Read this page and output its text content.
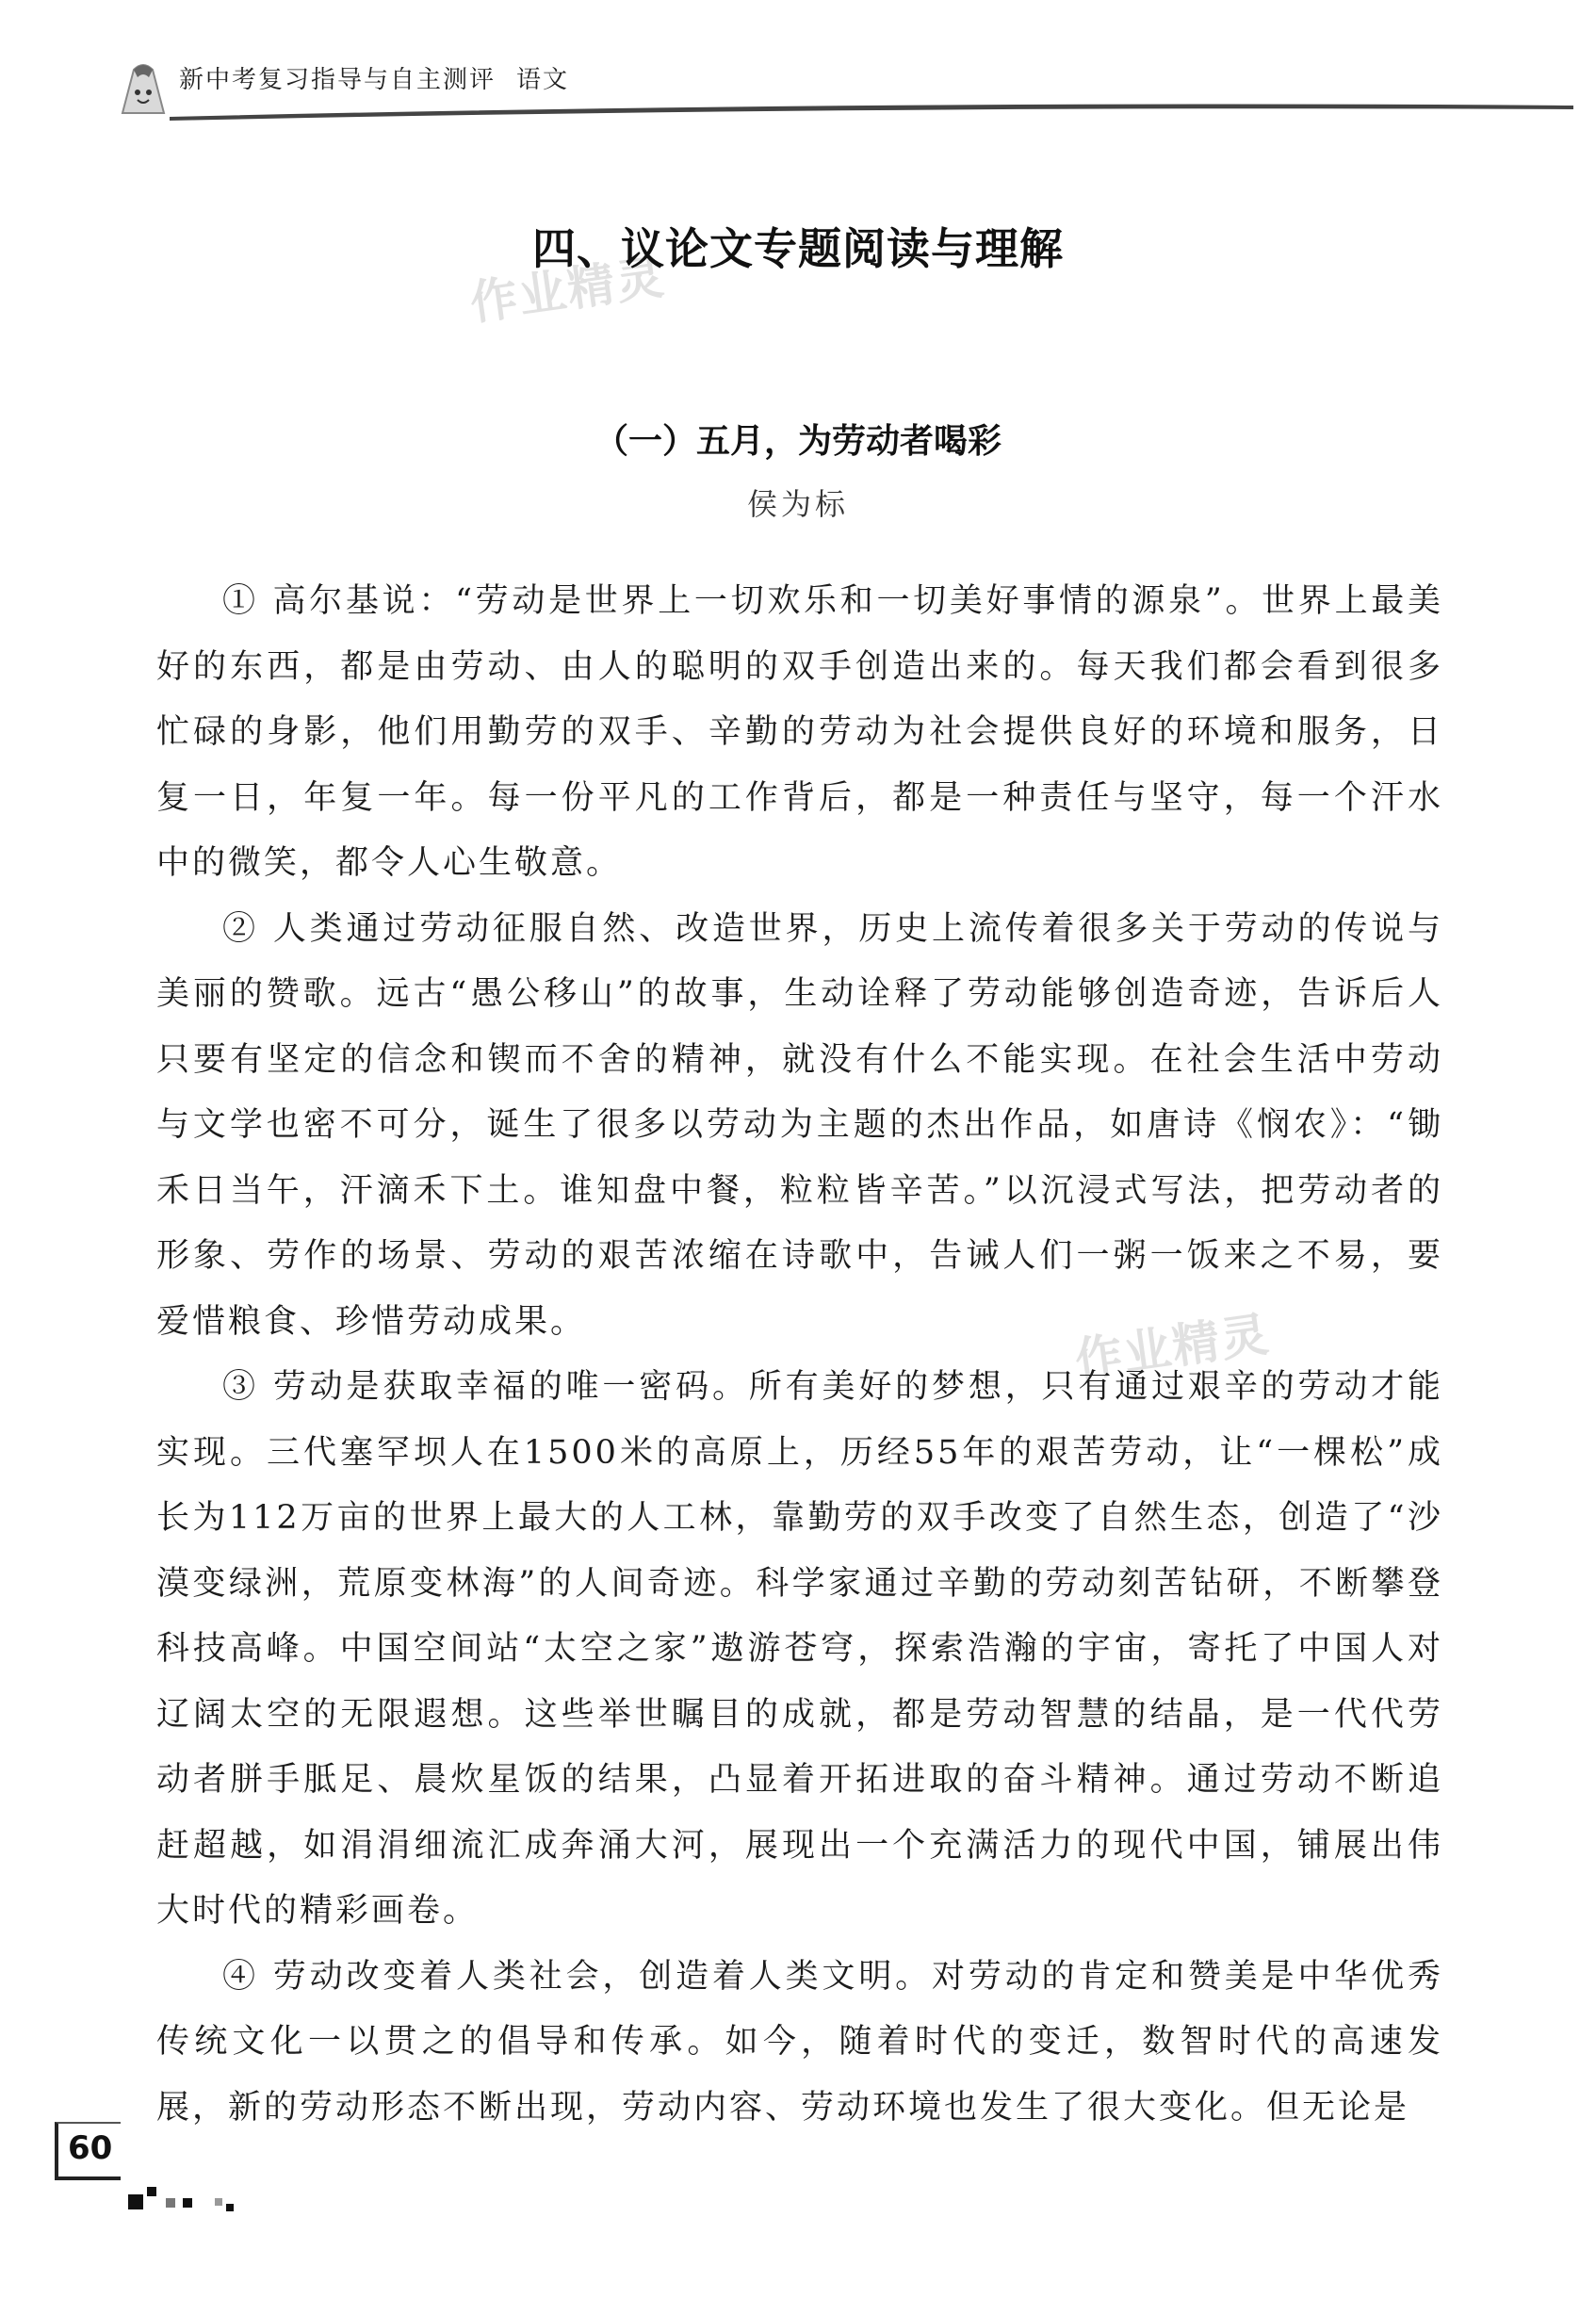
新中考复习指导与自主测评 语文
作业精灵
作业精灵
四、议论文专题阅读与理解
（一）五月，为劳动者喝彩
侯为标

① 高尔基说：“劳动是世界上一切欢乐和一切美好事情的源泉”。世界上最美好的东西，都是由劳动、由人的聪明的双手创造出来的。每天我们都会看到很多忙碌的身影，他们用勤劳的双手、辛勤的劳动为社会提供良好的环境和服务，日复一日，年复一年。每一份平凡的工作背后，都是一种责任与坚守，每一个汗水中的微笑，都令人心生敬意。

② 人类通过劳动征服自然、改造世界，历史上流传着很多关于劳动的传说与美丽的赞歌。远古“愚公移山”的故事，生动诠释了劳动能够创造奇迹，告诉后人只要有坚定的信念和锲而不舍的精神，就没有什么不能实现。在社会生活中劳动与文学也密不可分，诞生了很多以劳动为主题的杰出作品，如唐诗《悯农》：“锄禾日当午，汗滴禾下土。谁知盘中餐，粒粒皆辛苦。”以沉浸式写法，把劳动者的形象、劳作的场景、劳动的艰苦浓缩在诗歌中，告诫人们一粥一饭来之不易，要爱惜粮食、珍惜劳动成果。

③ 劳动是获取幸福的唯一密码。所有美好的梦想，只有通过艰辛的劳动才能实现。三代塞罕坝人在1500米的高原上，历经55年的艰苦劳动，让“一棵松”成长为112万亩的世界上最大的人工林，靠勤劳的双手改变了自然生态，创造了“沙漠变绿洲，荒原变林海”的人间奇迹。科学家通过辛勤的劳动刻苦钻研，不断攀登科技高峰。中国空间站“太空之家”遨游苍穹，探索浩瀚的宇宙，寄托了中国人对辽阔太空的无限遐想。这些举世瞩目的成就，都是劳动智慧的结晶，是一代代劳动者胼手胝足、晨炊星饭的结果，凸显着开拓进取的奋斗精神。通过劳动不断追赶超越，如涓涓细流汇成奔涌大河，展现出一个充满活力的现代中国，铺展出伟大时代的精彩画卷。

④ 劳动改变着人类社会，创造着人类文明。对劳动的肯定和赞美是中华优秀传统文化一以贯之的倡导和传承。如今，随着时代的变迁，数智时代的高速发展，新的劳动形态不断出现，劳动内容、劳动环境也发生了很大变化。但无论是

60
